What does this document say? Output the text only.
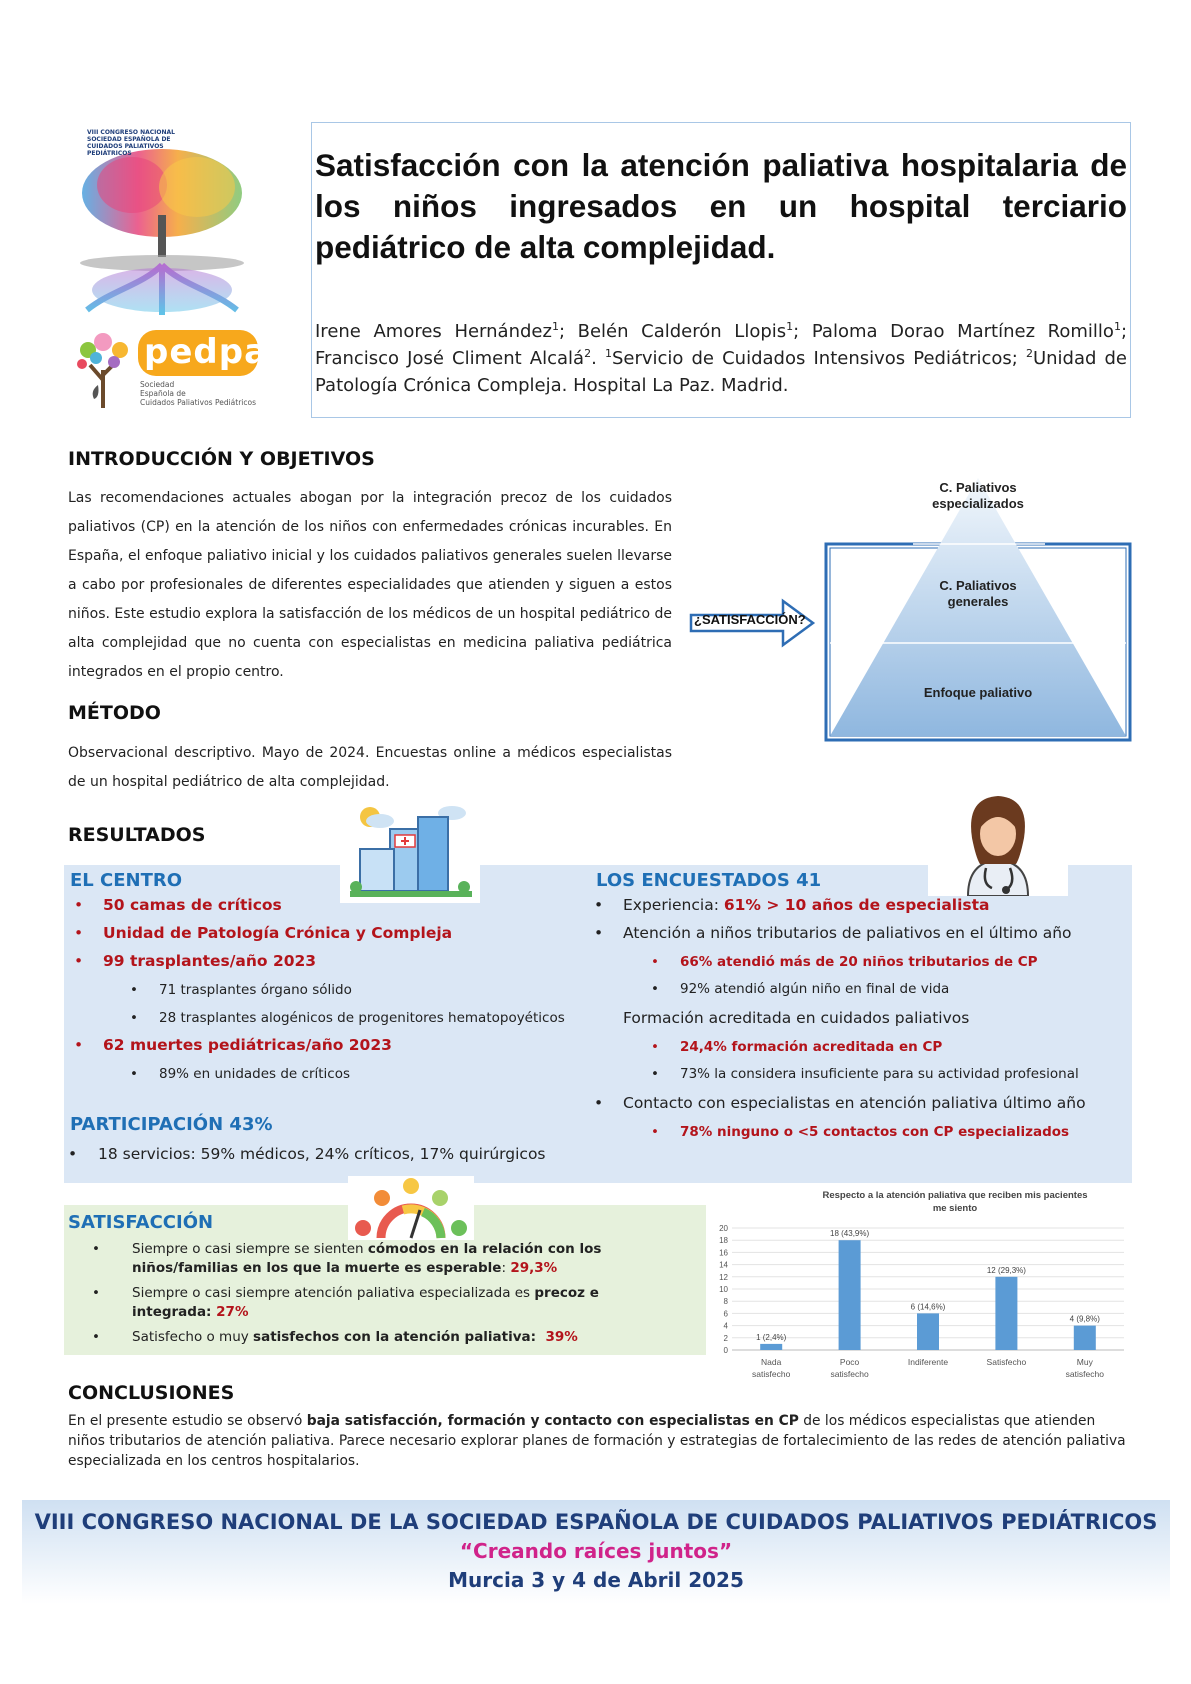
VIII CONGRESO NACIONAL
SOCIEDAD ESPAÑOLA DE
CUIDADOS PALIATIVOS
PEDIÁTRICOS
pedpal
Sociedad
Española de
Cuidados Paliativos Pediátricos

Satisfacción con la atención paliativa hospitalaria de los niños ingresados en un hospital terciario pediátrico de alta complejidad.

Irene Amores Hernández$^1$; Belén Calderón Llopis$^1$; Paloma Dorao Martínez Romillo$^1$; Francisco José Climent Alcalá$^2$. $^1$Servicio de Cuidados Intensivos Pediátricos; $^2$Unidad de Patología Crónica Compleja. Hospital La Paz. Madrid.
INTRODUCCIÓN Y OBJETIVOS
Las recomendaciones actuales abogan por la integración precoz de los cuidados paliativos (CP) en la atención de los niños con enfermedades crónicas incurables. En España, el enfoque paliativo inicial y los cuidados paliativos generales suelen llevarse a cabo por profesionales de diferentes especialidades que atienden y siguen a estos niños. Este estudio explora la satisfacción de los médicos de un hospital pediátrico de alta complejidad que no cuenta con especialistas en medicina paliativa pediátrica integrados en el propio centro.
C. Paliativos
especializados
C. Paliativos
generales
Enfoque paliativo
¿SATISFACCIÓN?
MÉTODO
Observacional descriptivo. Mayo de 2024. Encuestas online a médicos especialistas de un hospital pediátrico de alta complejidad.
RESULTADOS
EL CENTRO
• 50 camas de críticos
• Unidad de Patología Crónica y Compleja
• 99 trasplantes/año 2023
• 71 trasplantes órgano sólido
• 28 trasplantes alogénicos de progenitores hematopoyéticos
• 62 muertes pediátricas/año 2023
• 89% en unidades de críticos
PARTICIPACIÓN 43%
• 18 servicios: 59% médicos, 24% críticos, 17% quirúrgicos
LOS ENCUESTADOS 41
• Experiencia: 61% > 10 años de especialista
• Atención a niños tributarios de paliativos en el último año
• 66% atendió más de 20 niños tributarios de CP
• 92% atendió algún niño en final de vida
Formación acreditada en cuidados paliativos
• 24,4% formación acreditada en CP
• 73% la considera insuficiente para su actividad profesional
• Contacto con especialistas en atención paliativa último año
• 78% ninguno o <5 contactos con CP especializados
SATISFACCIÓN
• Siempre o casi siempre se sienten cómodos en la relación con los niños/familias en los que la muerte es esperable: 29,3%
• Siempre o casi siempre atención paliativa especializada es precoz e integrada: 27%
• Satisfecho o muy satisfechos con la atención paliativa:  39%
Respecto a la atención paliativa que reciben mis pacientes
me siento
0
2
4
6
8
10
12
14
16
18
20
1 (2,4%)
Nada
satisfecho
18 (43,9%)
Poco
satisfecho
6 (14,6%)
Indiferente
12 (29,3%)
Satisfecho
4 (9,8%)
Muy
satisfecho
CONCLUSIONES
En el presente estudio se observó baja satisfacción, formación y contacto con especialistas en CP de los médicos especialistas que atienden niños tributarios de atención paliativa. Parece necesario explorar planes de formación y estrategias de fortalecimiento de las redes de atención paliativa especializada en los centros hospitalarios.
VIII CONGRESO NACIONAL DE LA SOCIEDAD ESPAÑOLA DE CUIDADOS PALIATIVOS PEDIÁTRICOS
“Creando raíces juntos”
Murcia 3 y 4 de Abril 2025
